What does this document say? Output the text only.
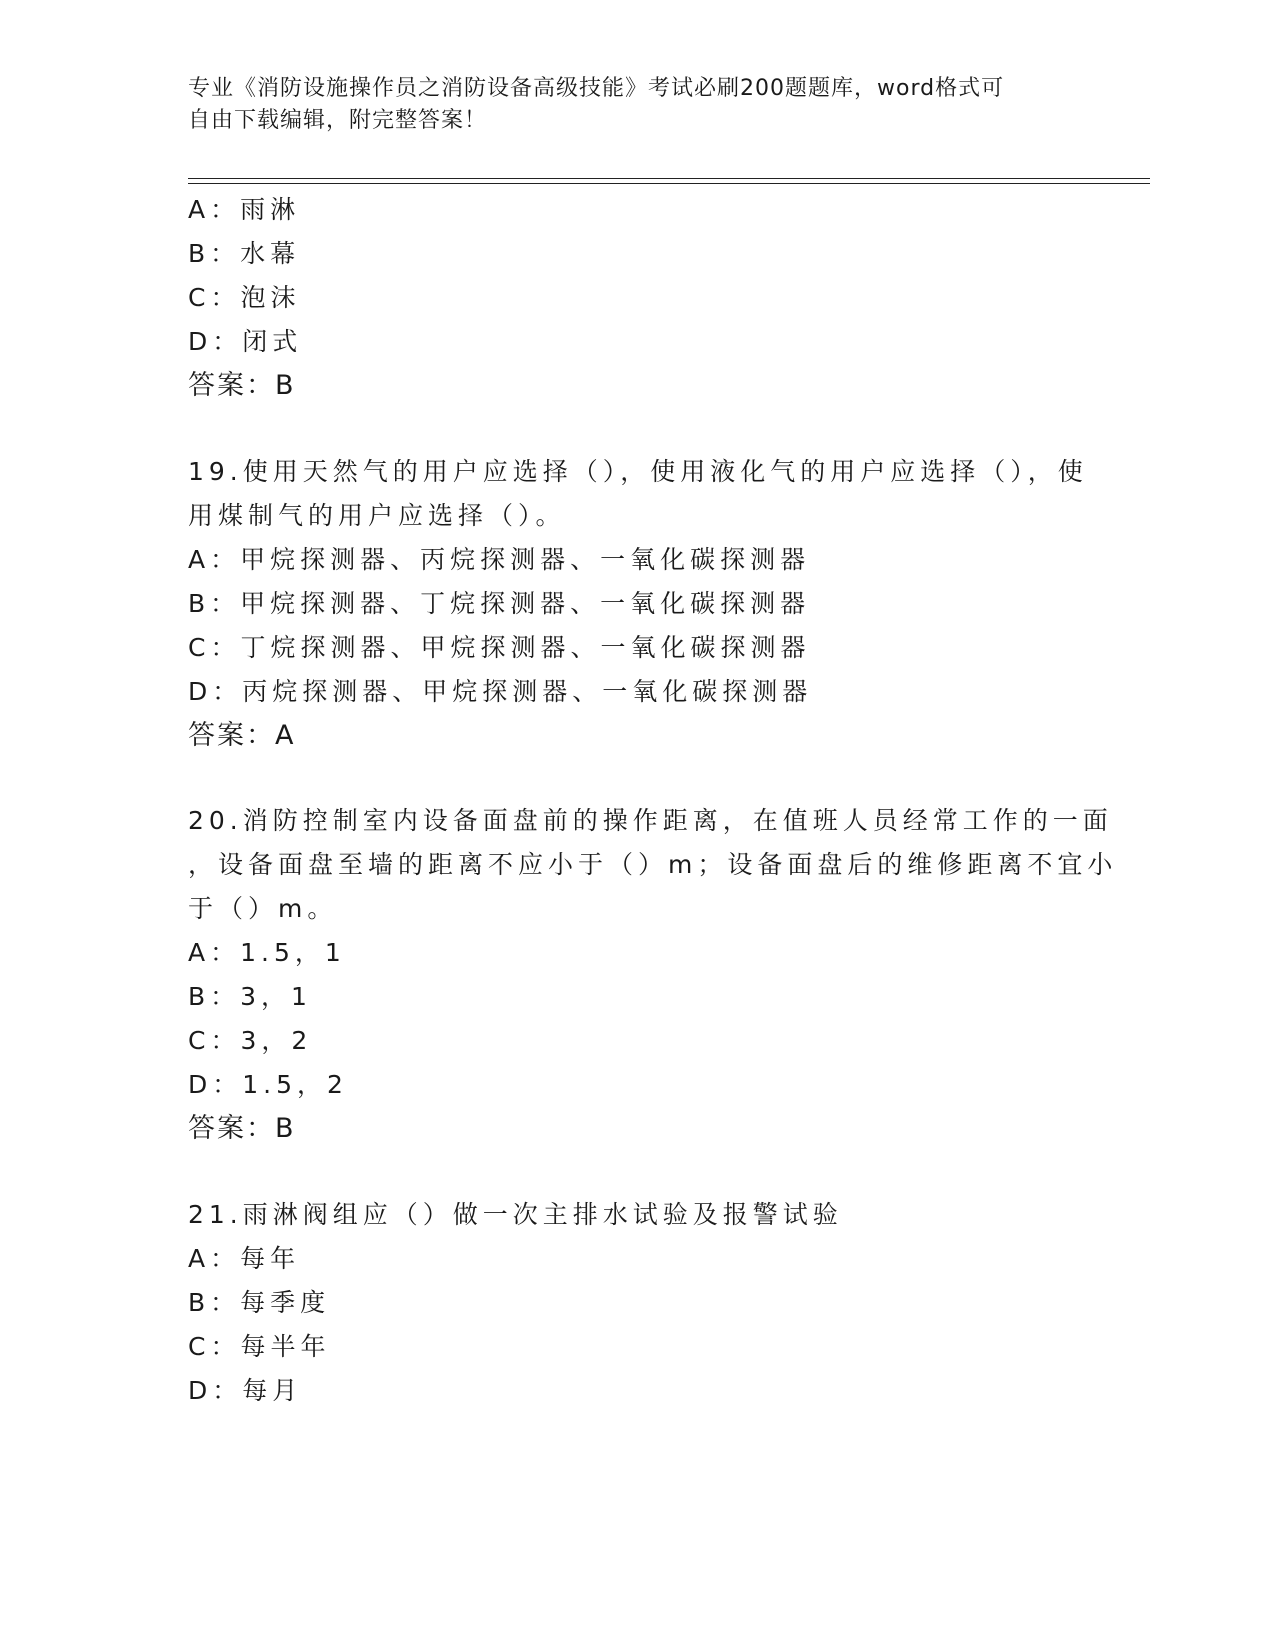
专业《消防设施操作员之消防设备高级技能》考试必刷200题题库，word格式可
自由下载编辑，附完整答案！
A：雨淋
B：水幕
C：泡沫
D：闭式
答案：B
19.使用天然气的用户应选择（），使用液化气的用户应选择（），使
用煤制气的用户应选择（）。
A：甲烷探测器、丙烷探测器、一氧化碳探测器
B：甲烷探测器、丁烷探测器、一氧化碳探测器
C：丁烷探测器、甲烷探测器、一氧化碳探测器
D：丙烷探测器、甲烷探测器、一氧化碳探测器
答案：A
20.消防控制室内设备面盘前的操作距离，在值班人员经常工作的一面
，设备面盘至墙的距离不应小于（）m；设备面盘后的维修距离不宜小
于（）m。
A：1.5，1
B：3，1
C：3，2
D：1.5，2
答案：B
21.雨淋阀组应（）做一次主排水试验及报警试验
A：每年
B：每季度
C：每半年
D：每月
